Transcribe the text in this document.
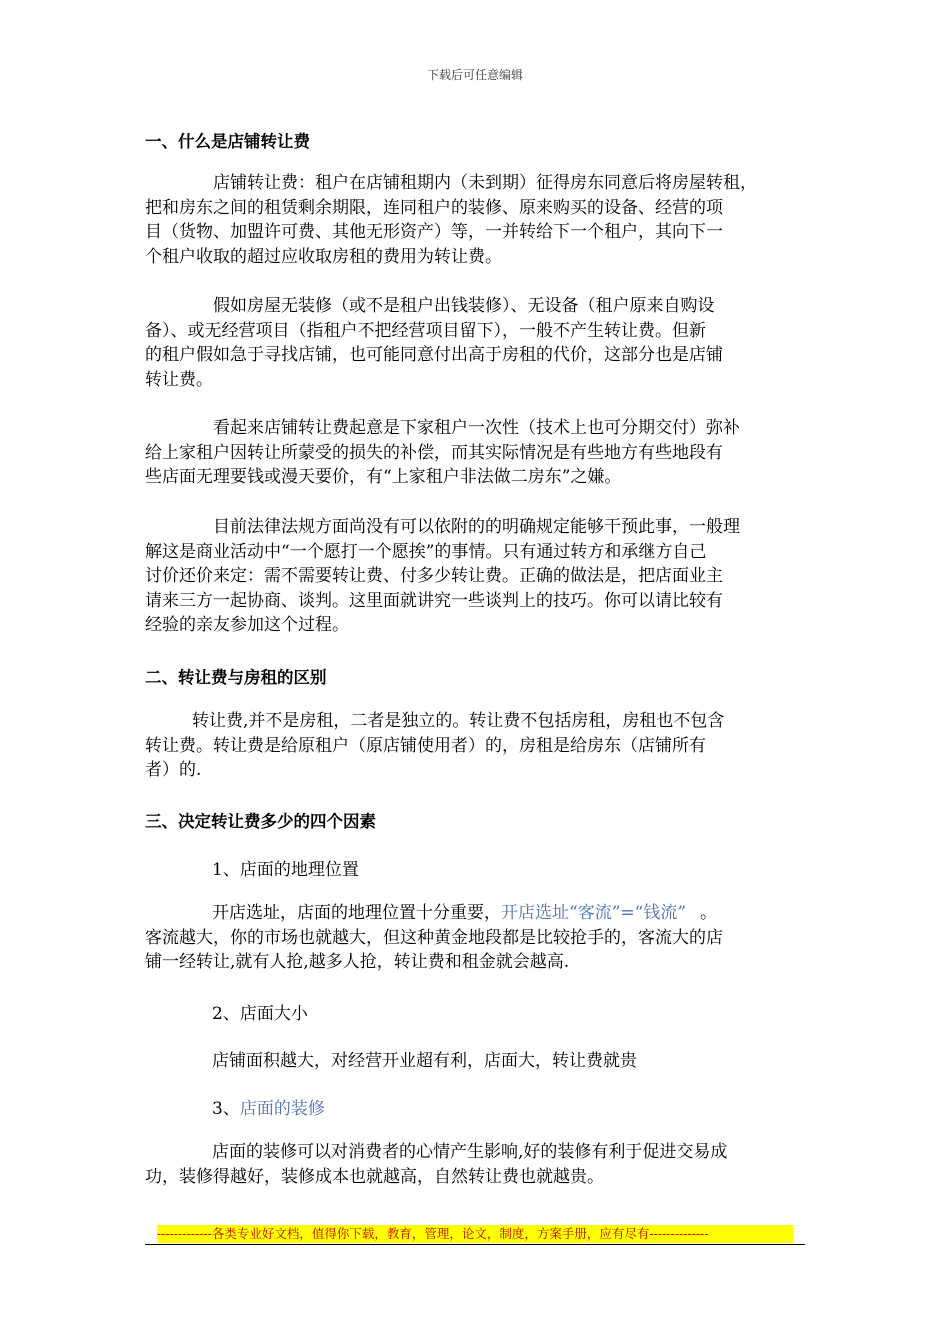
下载后可任意编辑
一、什么是店铺转让费
店铺转让费：租户在店铺租期内（未到期）征得房东同意后将房屋转租，
把和房东之间的租赁剩余期限，连同租户的装修、原来购买的设备、经营的项
目（货物、加盟许可费、其他无形资产）等，一并转给下一个租户，其向下一
个租户收取的超过应收取房租的费用为转让费。
假如房屋无装修（或不是租户出钱装修）、无设备（租户原来自购设
备）、或无经营项目（指租户不把经营项目留下），一般不产生转让费。但新
的租户假如急于寻找店铺，也可能同意付出高于房租的代价，这部分也是店铺
转让费。
看起来店铺转让费起意是下家租户一次性（技术上也可分期交付）弥补
给上家租户因转让所蒙受的损失的补偿，而其实际情况是有些地方有些地段有
些店面无理要钱或漫天要价，有“上家租户非法做二房东”之嫌。
目前法律法规方面尚没有可以依附的的明确规定能够干预此事，一般理
解这是商业活动中“一个愿打一个愿挨”的事情。只有通过转方和承继方自己
讨价还价来定：需不需要转让费、付多少转让费。正确的做法是，把店面业主
请来三方一起协商、谈判。这里面就讲究一些谈判上的技巧。你可以请比较有
经验的亲友参加这个过程。
二、转让费与房租的区别
转让费,并不是房租，二者是独立的。转让费不包括房租，房租也不包含
转让费。转让费是给原租户（原店铺使用者）的，房租是给房东（店铺所有
者）的.
三、决定转让费多少的四个因素
1、店面的地理位置
开店选址，店面的地理位置十分重要，开店选址“客流”=“钱流” 。
客流越大，你的市场也就越大，但这种黄金地段都是比较抢手的，客流大的店
铺一经转让,就有人抢,越多人抢，转让费和租金就会越高.
2、店面大小
店铺面积越大，对经营开业超有利，店面大，转让费就贵
3、店面的装修
店面的装修可以对消费者的心情产生影响,好的装修有利于促进交易成
功，装修得越好，装修成本也就越高，自然转让费也就越贵。
-------------各类专业好文档，值得你下载，教育，管理，论文，制度，方案手册，应有尽有--------------
